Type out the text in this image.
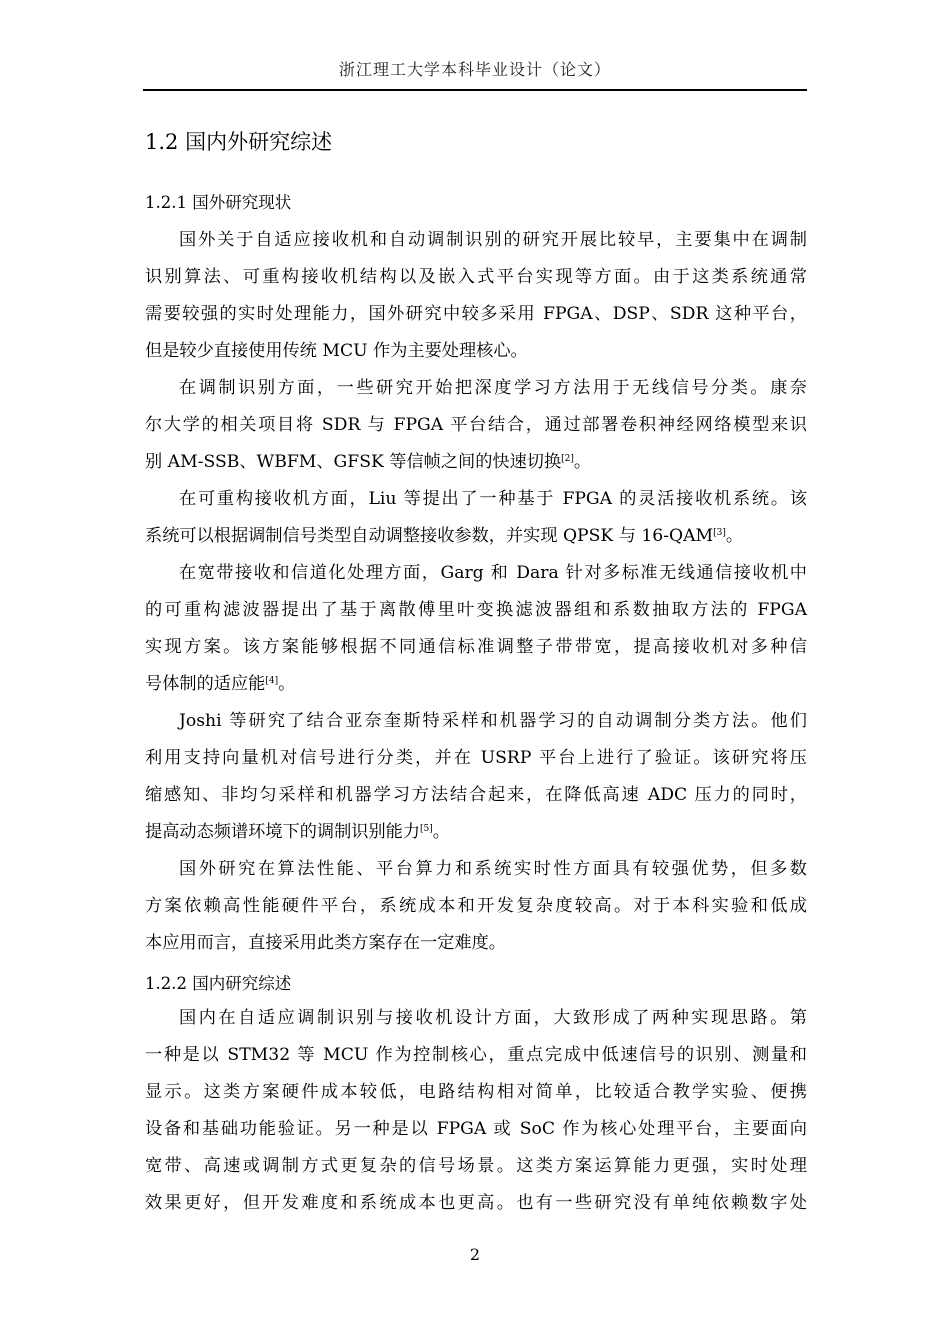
浙江理工大学本科毕业设计（论文）
1.2 国内外研究综述
1.2.1 国外研究现状
国外关于自适应接收机和自动调制识别的研究开展比较早，主要集中在调制
识别算法、可重构接收机结构以及嵌入式平台实现等方面。由于这类系统通常
需要较强的实时处理能力，国外研究中较多采用 FPGA、DSP、SDR 这种平台，
但是较少直接使用传统 MCU 作为主要处理核心。
在调制识别方面，一些研究开始把深度学习方法用于无线信号分类。康奈
尔大学的相关项目将 SDR 与 FPGA 平台结合，通过部署卷积神经网络模型来识
别 AM-SSB、WBFM、GFSK 等信帧之间的快速切换[2]。
在可重构接收机方面，Liu 等提出了一种基于 FPGA 的灵活接收机系统。该
系统可以根据调制信号类型自动调整接收参数，并实现 QPSK 与 16-QAM[3]。
在宽带接收和信道化处理方面，Garg 和 Dara 针对多标准无线通信接收机中
的可重构滤波器提出了基于离散傅里叶变换滤波器组和系数抽取方法的 FPGA
实现方案。该方案能够根据不同通信标准调整子带带宽，提高接收机对多种信
号体制的适应能[4]。
Joshi 等研究了结合亚奈奎斯特采样和机器学习的自动调制分类方法。他们
利用支持向量机对信号进行分类，并在 USRP 平台上进行了验证。该研究将压
缩感知、非均匀采样和机器学习方法结合起来，在降低高速 ADC 压力的同时，
提高动态频谱环境下的调制识别能力[5]。
国外研究在算法性能、平台算力和系统实时性方面具有较强优势，但多数
方案依赖高性能硬件平台，系统成本和开发复杂度较高。对于本科实验和低成
本应用而言，直接采用此类方案存在一定难度。
1.2.2 国内研究综述
国内在自适应调制识别与接收机设计方面，大致形成了两种实现思路。第
一种是以 STM32 等 MCU 作为控制核心，重点完成中低速信号的识别、测量和
显示。这类方案硬件成本较低，电路结构相对简单，比较适合教学实验、便携
设备和基础功能验证。另一种是以 FPGA 或 SoC 作为核心处理平台，主要面向
宽带、高速或调制方式更复杂的信号场景。这类方案运算能力更强，实时处理
效果更好，但开发难度和系统成本也更高。也有一些研究没有单纯依赖数字处
2
